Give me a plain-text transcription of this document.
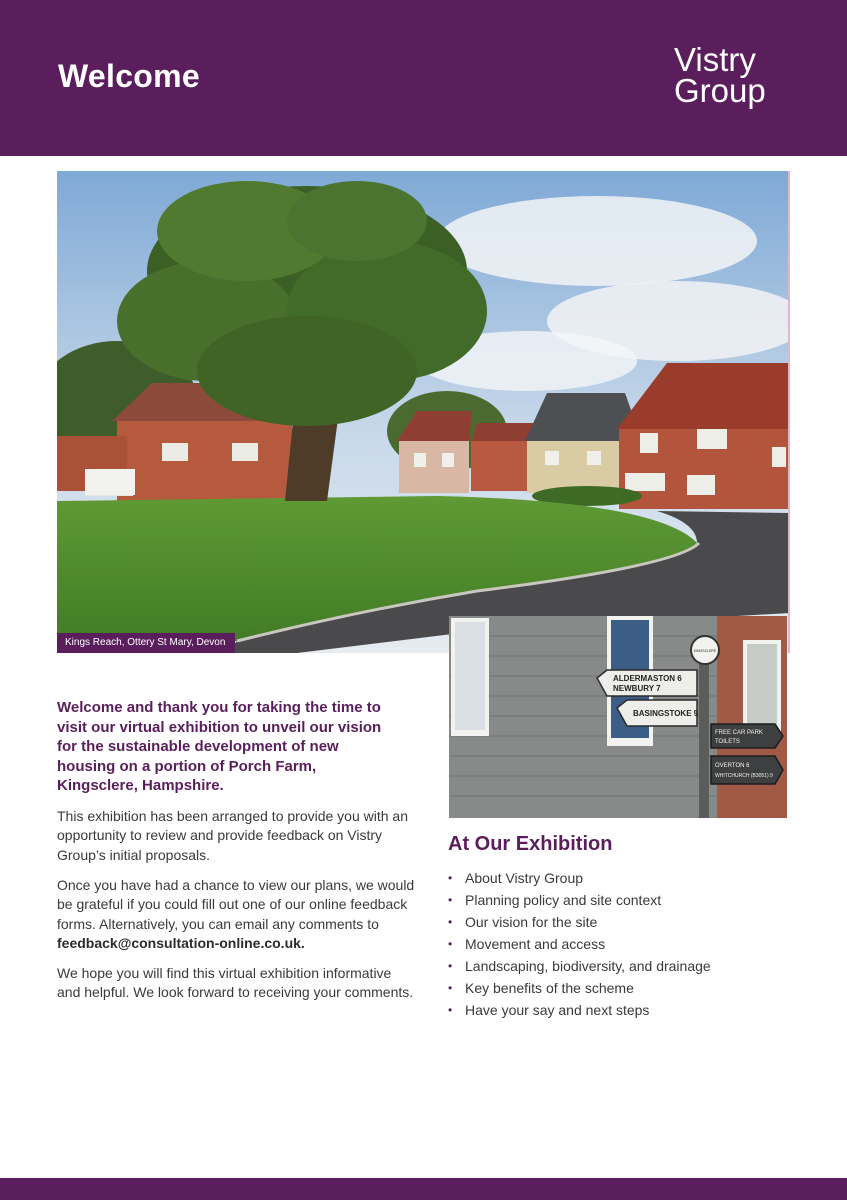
Welcome	Vistry
Group
Kings Reach, Ottery St Mary, Devon
ALDERMASTON 6
NEWBURY 7
BASINGSTOKE 9
FREE CAR PARK
TOILETS
OVERTON 6
WHITCHURCH (B3051) 9
KINGSCLERE

Welcome and thank you for taking the time to visit our virtual exhibition to unveil our vision for the sustainable development of new housing on a portion of Porch Farm, Kingsclere, Hampshire.

This exhibition has been arranged to provide you with an opportunity to review and provide feedback on Vistry Group’s initial proposals.

Once you have had a chance to view our plans, we would be grateful if you could fill out one of our online feedback forms. Alternatively, you can email any comments to feedback@consultation-online.co.uk.

We hope you will find this virtual exhibition informative and helpful. We look forward to receiving your comments.

At Our Exhibition
• About Vistry Group
• Planning policy and site context
• Our vision for the site
• Movement and access
• Landscaping, biodiversity, and drainage
• Key benefits of the scheme
• Have your say and next steps
